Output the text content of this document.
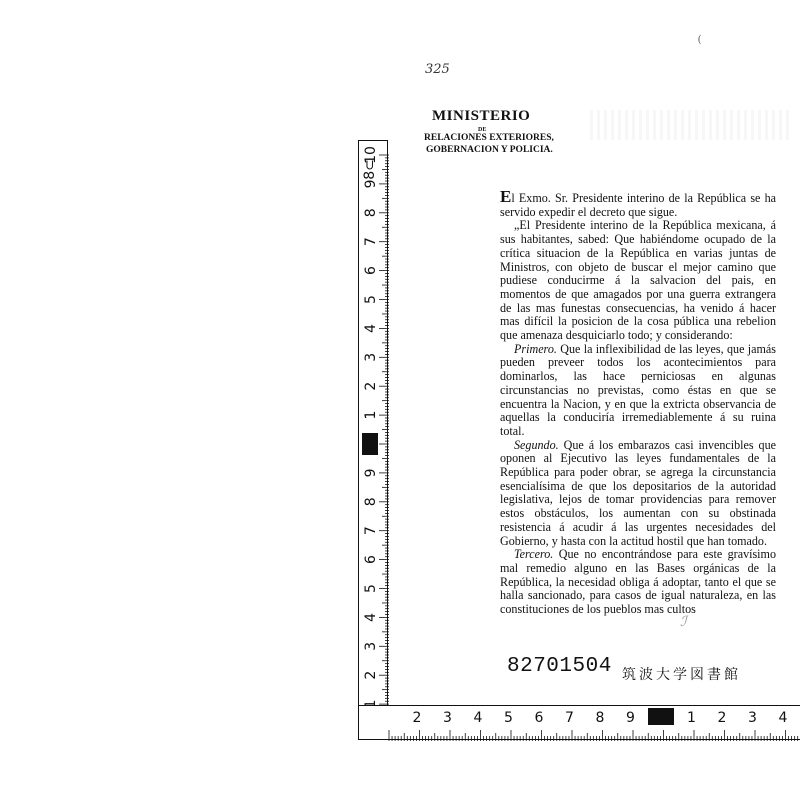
325
(
MINISTERIO
DE
RELACIONES EXTERIORES,
GOBERNACION Y POLICIA.

El Exmo. Sr. Presidente interino de la República se ha servido expedir el decreto que sigue.

„El Presidente interino de la República mexicana, á sus habitantes, sabed: Que habiéndome ocupado de la crítica situacion de la República en varias juntas de Ministros, con objeto de buscar el mejor camino que pudiese conducirme á la salvacion del pais, en momentos de que amagados por una guerra extrangera de las mas funestas consecuencias, ha venido á hacer mas difícil la posicion de la cosa pública una rebelion que amenaza desquiciarlo todo; y considerando:

Primero. Que la inflexibilidad de las leyes, que jamás pueden preveer todos los acontecimientos para dominarlos, las hace perniciosas en algunas circunstancias no previstas, como éstas en que se encuentra la Nacion, y en que la extricta observancia de aquellas la conduciría irremediablemente á su ruina total.

Segundo. Que á los embarazos casi invencibles que oponen al Ejecutivo las leyes fundamentales de la República para poder obrar, se agrega la circunstancia esencialísima de que los depositarios de la autoridad legislativa, lejos de tomar providencias para remover estos obstáculos, los aumentan con su obstinada resistencia á acudir á las urgentes necesidades del Gobierno, y hasta con la actitud hostil que han tomado.

Tercero. Que no encontrándose para este gravísimo mal remedio alguno en las Bases orgánicas de la República, la necesidad obliga á adoptar, tanto el que se halla sancionado, para casos de igual naturaleza, en las constituciones de los pueblos mas cultos

ℐ
82701504 筑波大学図書館
2
3
4
5
6
7
8
9
90
1
2
3
4
5
6
7
8
9
10
8⊂
2 3 4 5 6 7 8 9 70 1 2 3 4
